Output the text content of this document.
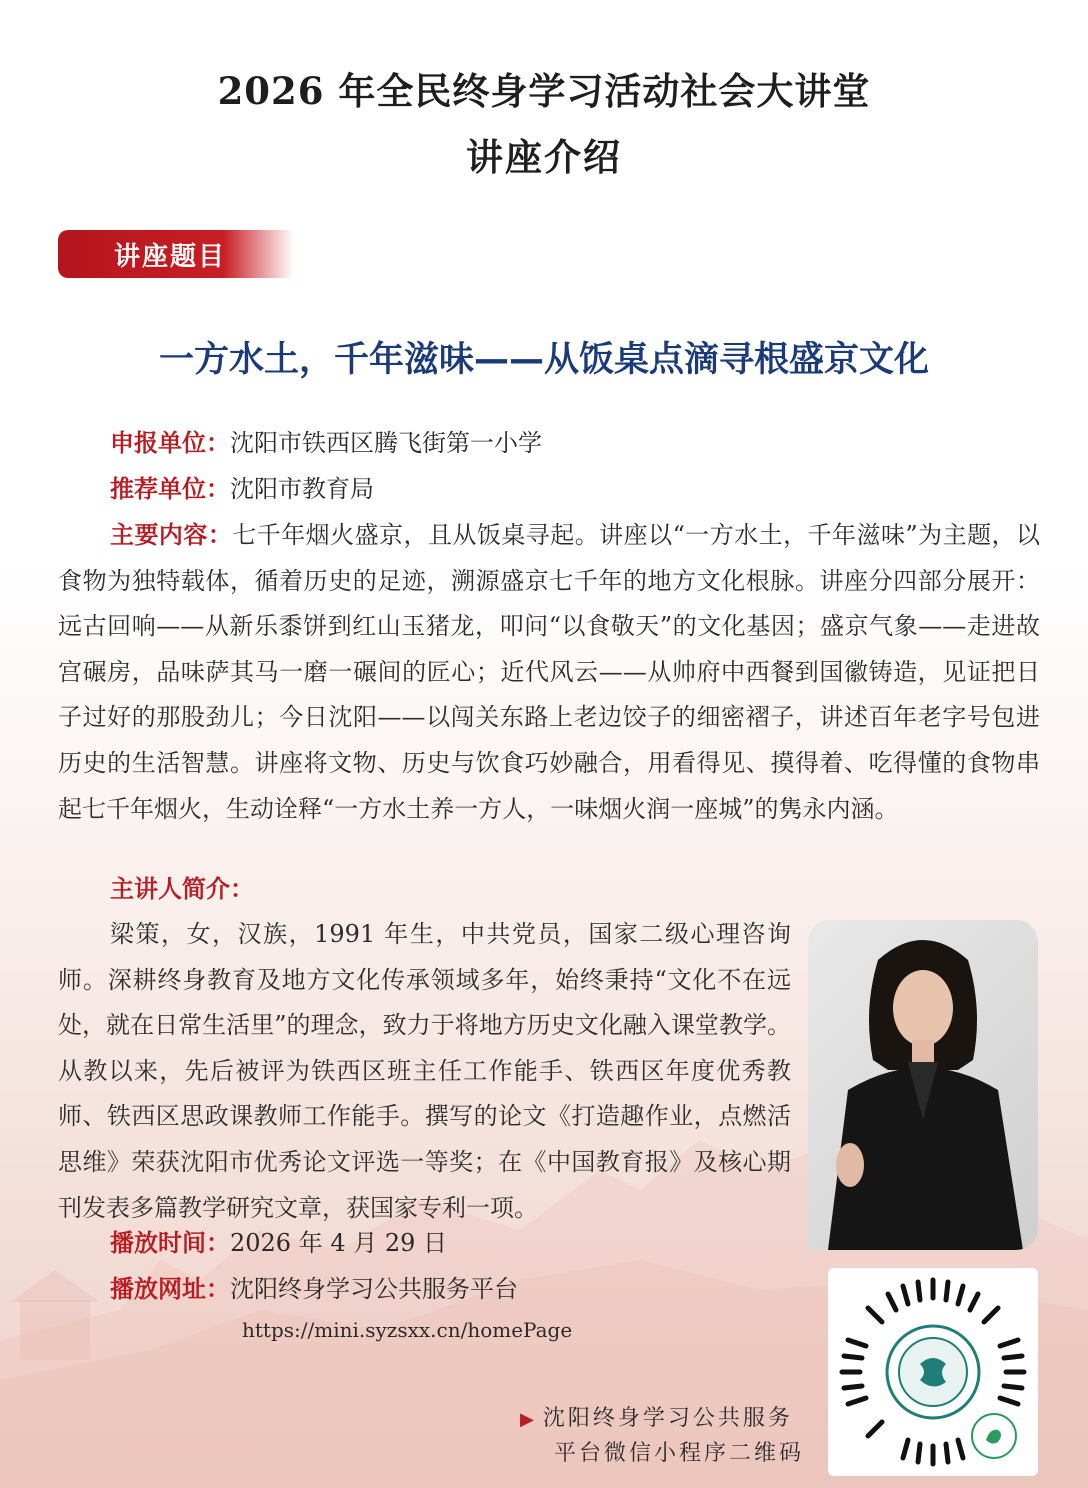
2026 年全民终身学习活动社会大讲堂
讲座介绍
讲座题目
一方水土，千年滋味——从饭桌点滴寻根盛京文化
申报单位：沈阳市铁西区腾飞街第一小学
推荐单位：沈阳市教育局
主要内容：七千年烟火盛京，且从饭桌寻起。讲座以“一方水土，千年滋味”为主题，以食物为独特载体，循着历史的足迹，溯源盛京七千年的地方文化根脉。讲座分四部分展开：远古回响——从新乐黍饼到红山玉猪龙，叩问“以食敬天”的文化基因；盛京气象——走进故宫碾房，品味萨其马一磨一碾间的匠心；近代风云——从帅府中西餐到国徽铸造，见证把日子过好的那股劲儿；今日沈阳——以闯关东路上老边饺子的细密褶子，讲述百年老字号包进历史的生活智慧。讲座将文物、历史与饮食巧妙融合，用看得见、摸得着、吃得懂的食物串起七千年烟火，生动诠释“一方水土养一方人，一味烟火润一座城”的隽永内涵。
主讲人简介：
梁策，女，汉族，1991 年生，中共党员，国家二级心理咨询师。深耕终身教育及地方文化传承领域多年，始终秉持“文化不在远处，就在日常生活里”的理念，致力于将地方历史文化融入课堂教学。从教以来，先后被评为铁西区班主任工作能手、铁西区年度优秀教师、铁西区思政课教师工作能手。撰写的论文《打造趣作业，点燃活思维》荣获沈阳市优秀论文评选一等奖；在《中国教育报》及核心期刊发表多篇教学研究文章，获国家专利一项。
播放时间：2026 年 4 月 29 日
播放网址：沈阳终身学习公共服务平台
https://mini.syzsxx.cn/homePage
▶ 沈阳终身学习公共服务
平台微信小程序二维码
